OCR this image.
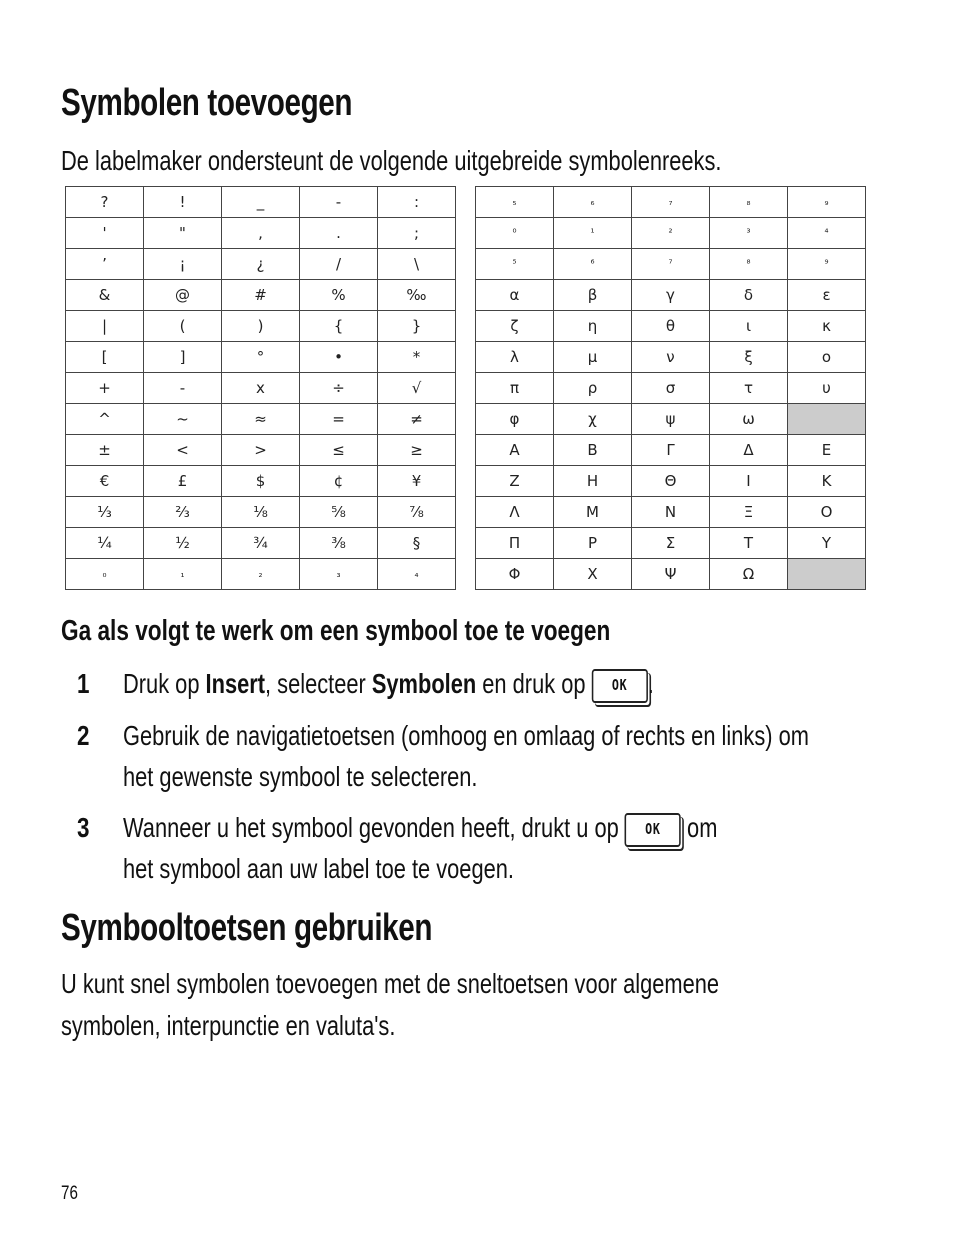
Symbolen toevoegen
De labelmaker ondersteunt de volgende uitgebreide symbolenreeks.
?	!	_	-	:
'	"	,	.	;
’	¡	¿	/	\
&	@	#	%	‰
|	(	)	{	}
[	]	°	•	*
+	-	x	÷	√
^	~	≈	=	≠
±	<	>	≤	≥
€	£	$	¢	¥
⅓	⅔	⅛	⅝	⅞
¼	½	¾	⅜	§
₀	₁	₂	₃	₄
₅	₆	₇	₈	₉
⁰	¹	²	³	⁴
⁵	⁶	⁷	⁸	⁹
α	β	γ	δ	ε
ζ	η	θ	ι	κ
λ	μ	ν	ξ	ο
π	ρ	σ	τ	υ
φ	χ	ψ	ω	
Α	Β	Γ	Δ	Ε
Ζ	Η	Θ	Ι	Κ
Λ	Μ	Ν	Ξ	Ο
Π	Ρ	Σ	Τ	Υ
Φ	Χ	Ψ	Ω	
Ga als volgt te werk om een symbool toe te voegen
1 Druk op Insert, selecteer Symbolen en druk op OK .
2 Gebruik de navigatietoetsen (omhoog en omlaag of rechts en links) om
het gewenste symbool te selecteren.
3 Wanneer u het symbool gevonden heeft, drukt u op OK om
het symbool aan uw label toe te voegen.
Symbooltoetsen gebruiken
U kunt snel symbolen toevoegen met de sneltoetsen voor algemene
symbolen, interpunctie en valuta's.
76
